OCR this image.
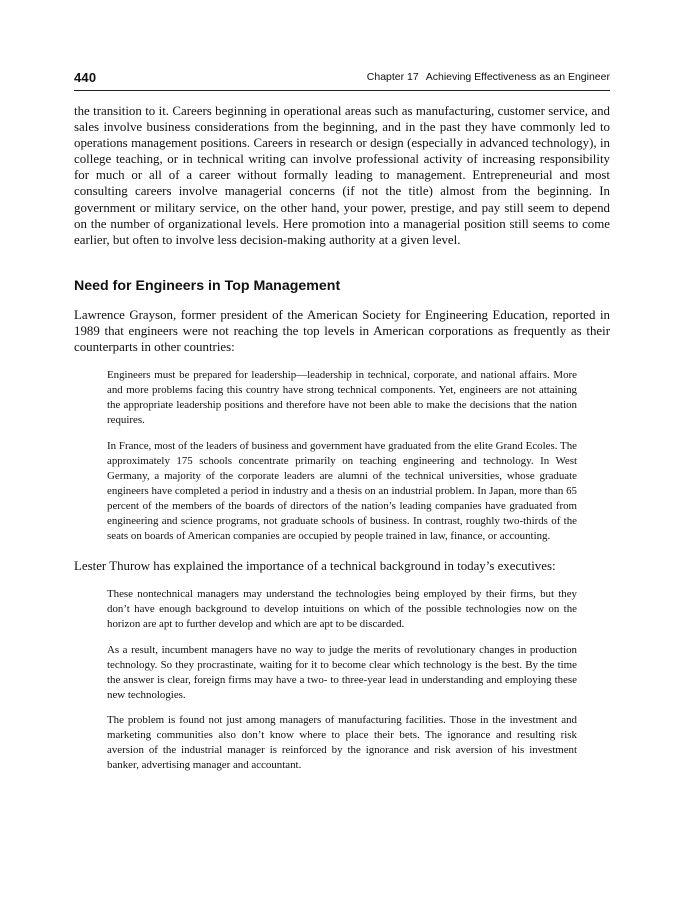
440	Chapter 17 Achieving Effectiveness as an Engineer

the transition to it. Careers beginning in operational areas such as manufacturing, customer service, and sales involve business considerations from the beginning, and in the past they have commonly led to operations management positions. Careers in research or design (especially in advanced technology), in college teaching, or in technical writing can involve professional activity of increasing responsibility for much or all of a career without formally leading to management. Entrepreneurial and most consulting careers involve managerial concerns (if not the title) almost from the beginning. In government or military service, on the other hand, your power, prestige, and pay still seem to depend on the number of organizational levels. Here promotion into a managerial position still seems to come earlier, but often to involve less decision-making authority at a given level.

Need for Engineers in Top Management

Lawrence Grayson, former president of the American Society for Engineering Education, reported in 1989 that engineers were not reaching the top levels in American corporations as frequently as their counterparts in other countries:

Engineers must be prepared for leadership—leadership in technical, corporate, and national affairs. More and more problems facing this country have strong technical components. Yet, engineers are not attaining the appropriate leadership positions and therefore have not been able to make the decisions that the nation requires.

In France, most of the leaders of business and government have graduated from the elite Grand Ecoles. The approximately 175 schools concentrate primarily on teaching engineering and technology. In West Germany, a majority of the corporate leaders are alumni of the technical universities, whose graduate engineers have completed a period in industry and a thesis on an industrial problem. In Japan, more than 65 percent of the members of the boards of directors of the nation’s leading companies have graduated from engineering and science programs, not graduate schools of business. In contrast, roughly two-thirds of the seats on boards of American companies are occupied by people trained in law, finance, or accounting.

Lester Thurow has explained the importance of a technical background in today’s executives:

These nontechnical managers may understand the technologies being employed by their firms, but they don’t have enough background to develop intuitions on which of the possible technologies now on the horizon are apt to further develop and which are apt to be discarded.

As a result, incumbent managers have no way to judge the merits of revolutionary changes in production technology. So they procrastinate, waiting for it to become clear which technology is the best. By the time the answer is clear, foreign firms may have a two- to three-year lead in understanding and employing these new technologies.

The problem is found not just among managers of manufacturing facilities. Those in the investment and marketing communities also don’t know where to place their bets. The ignorance and resulting risk aversion of the industrial manager is reinforced by the ignorance and risk aversion of his investment banker, advertising manager and accountant.
